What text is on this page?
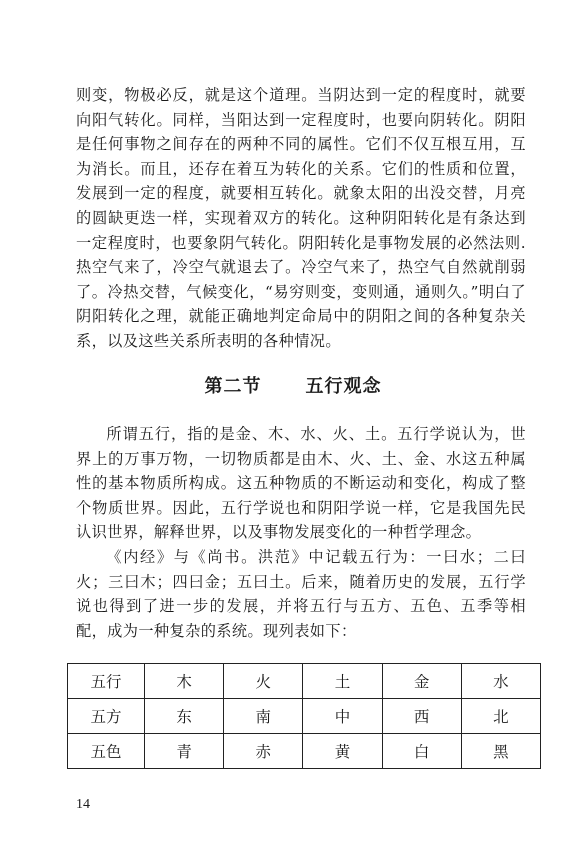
则变，物极必反，就是这个道理。当阴达到一定的程度时，就要向阳气转化。同样，当阳达到一定程度时，也要向阴转化。阴阳是任何事物之间存在的两种不同的属性。它们不仅互根互用，互为消长。而且，还存在着互为转化的关系。它们的性质和位置，发展到一定的程度，就要相互转化。就象太阳的出没交替，月亮的圆缺更迭一样，实现着双方的转化。这种阴阳转化是有条达到一定程度时，也要象阴气转化。阴阳转化是事物发展的必然法则.热空气来了，冷空气就退去了。冷空气来了，热空气自然就削弱了。冷热交替，气候变化，“易穷则变，变则通，通则久。”明白了阴阳转化之理，就能正确地判定命局中的阴阳之间的各种复杂关系，以及这些关系所表明的各种情况。

第二节 五行观念

所谓五行，指的是金、木、水、火、土。五行学说认为，世界上的万事万物，一切物质都是由木、火、土、金、水这五种属性的基本物质所构成。这五种物质的不断运动和变化，构成了整个物质世界。因此，五行学说也和阴阳学说一样，它是我国先民认识世界，解释世界，以及事物发展变化的一种哲学理念。

《内经》与《尚书。洪范》中记载五行为：一曰水；二曰火；三曰木；四曰金；五曰土。后来，随着历史的发展，五行学说也得到了进一步的发展，并将五行与五方、五色、五季等相配，成为一种复杂的系统。现列表如下：

五行	木	火	土	金	水
五方	东	南	中	西	北
五色	青	赤	黄	白	黑
14
